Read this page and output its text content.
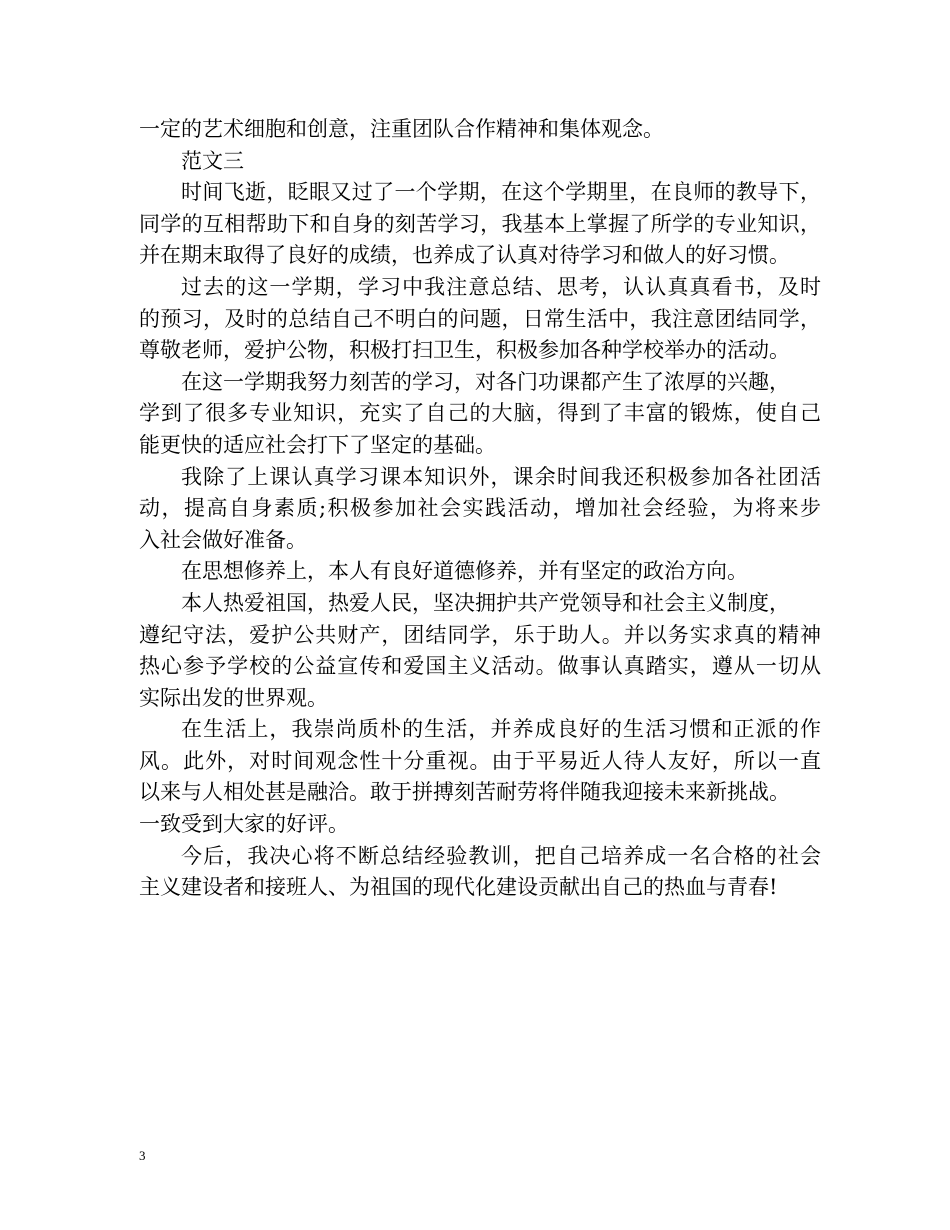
一定的艺术细胞和创意，注重团队合作精神和集体观念。
范文三
时间飞逝，眨眼又过了一个学期，在这个学期里，在良师的教导下，
同学的互相帮助下和自身的刻苦学习，我基本上掌握了所学的专业知识，
并在期末取得了良好的成绩，也养成了认真对待学习和做人的好习惯。
过去的这一学期，学习中我注意总结、思考，认认真真看书，及时
的预习，及时的总结自己不明白的问题，日常生活中，我注意团结同学，
尊敬老师，爱护公物，积极打扫卫生，积极参加各种学校举办的活动。
在这一学期我努力刻苦的学习，对各门功课都产生了浓厚的兴趣，
学到了很多专业知识，充实了自己的大脑，得到了丰富的锻炼，使自己
能更快的适应社会打下了坚定的基础。
我除了上课认真学习课本知识外，课余时间我还积极参加各社团活
动，提高自身素质;积极参加社会实践活动，增加社会经验，为将来步
入社会做好准备。
在思想修养上，本人有良好道德修养，并有坚定的政治方向。
本人热爱祖国，热爱人民，坚决拥护共产党领导和社会主义制度，
遵纪守法，爱护公共财产，团结同学，乐于助人。并以务实求真的精神
热心参予学校的公益宣传和爱国主义活动。做事认真踏实，遵从一切从
实际出发的世界观。
在生活上，我崇尚质朴的生活，并养成良好的生活习惯和正派的作
风。此外，对时间观念性十分重视。由于平易近人待人友好，所以一直
以来与人相处甚是融洽。敢于拼搏刻苦耐劳将伴随我迎接未来新挑战。
一致受到大家的好评。
今后，我决心将不断总结经验教训，把自己培养成一名合格的社会
主义建设者和接班人、为祖国的现代化建设贡献出自己的热血与青春!
3
